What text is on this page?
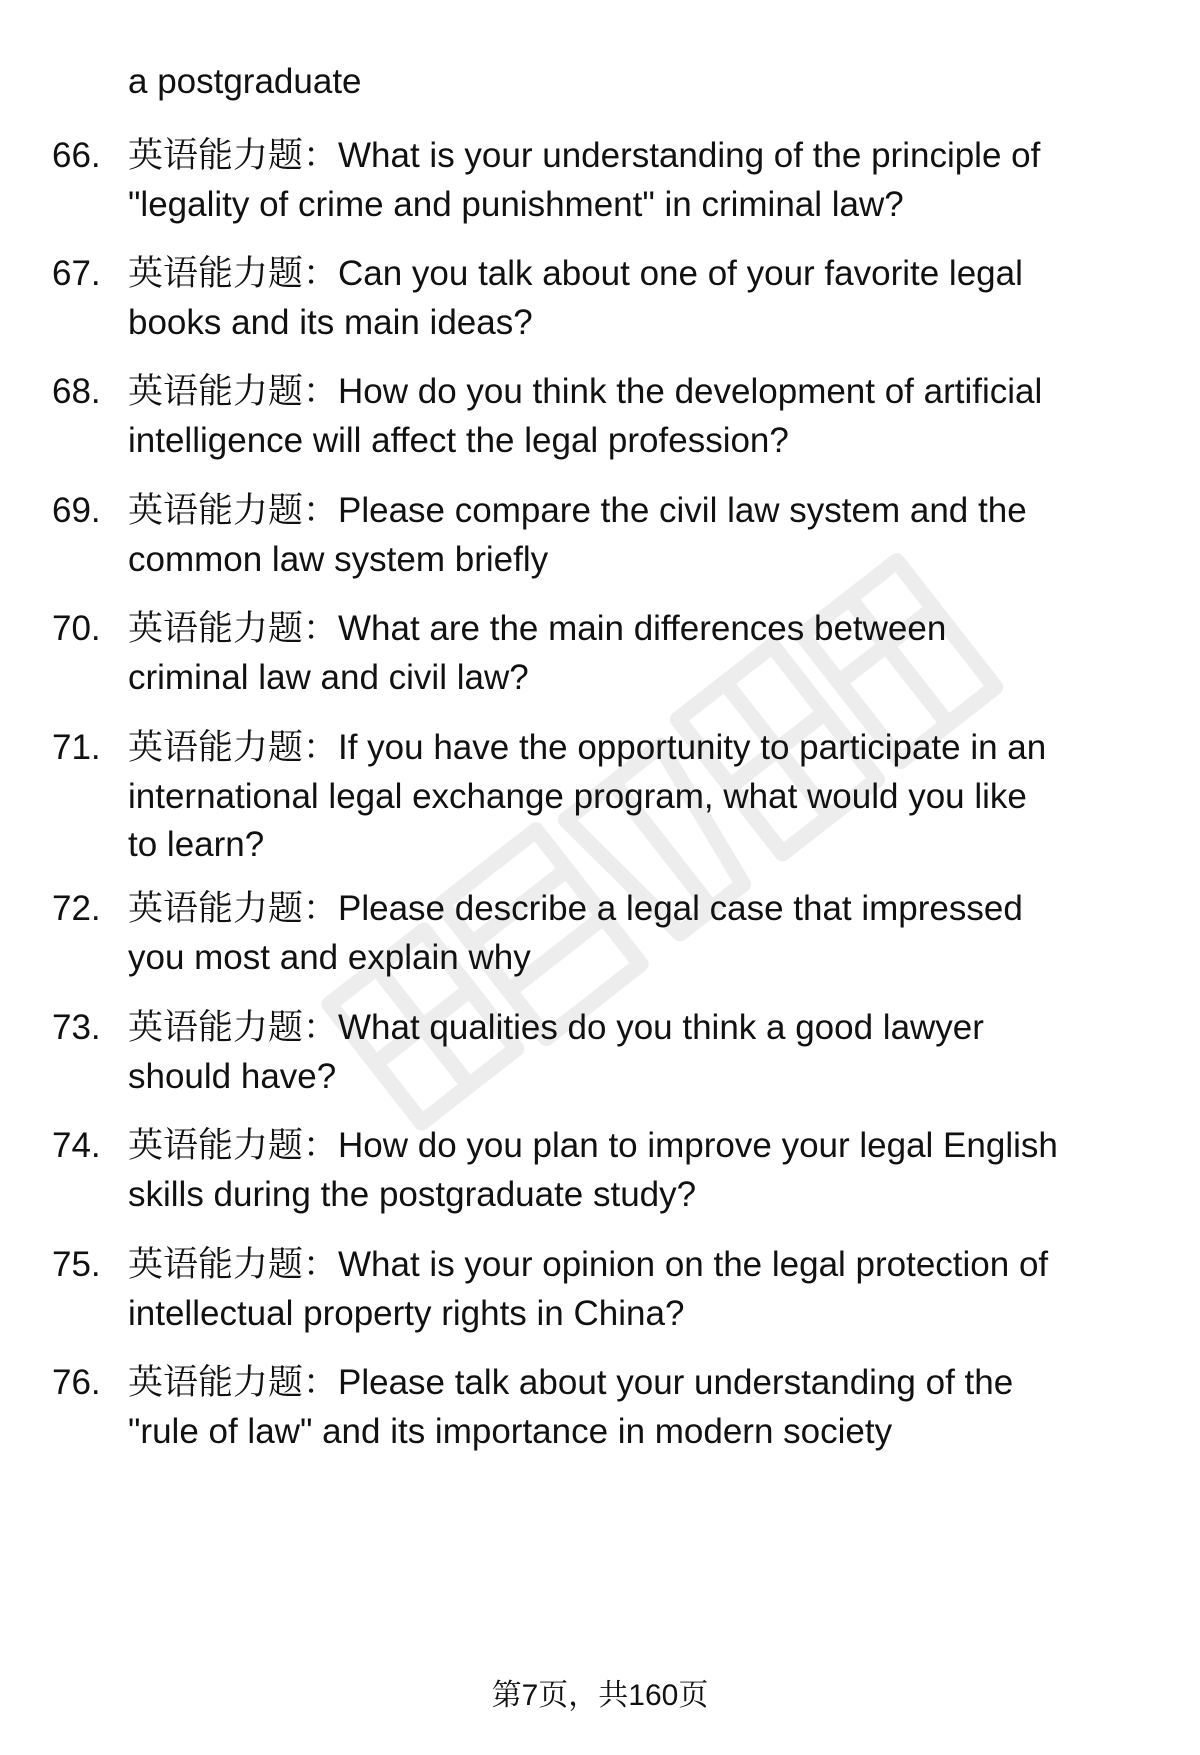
a postgraduate
66. 英语能力题：What is your understanding of the principle of
"legality of crime and punishment" in criminal law?
67. 英语能力题：Can you talk about one of your favorite legal
books and its main ideas?
68. 英语能力题：How do you think the development of artificial
intelligence will affect the legal profession?
69. 英语能力题：Please compare the civil law system and the
common law system briefly
70. 英语能力题：What are the main differences between
criminal law and civil law?
71. 英语能力题：If you have the opportunity to participate in an
international legal exchange program, what would you like
to learn?
72. 英语能力题：Please describe a legal case that impressed
you most and explain why
73. 英语能力题：What qualities do you think a good lawyer
should have?
74. 英语能力题：How do you plan to improve your legal English
skills during the postgraduate study?
75. 英语能力题：What is your opinion on the legal protection of
intellectual property rights in China?
76. 英语能力题：Please talk about your understanding of the
"rule of law" and its importance in modern society
第7页，共160页
